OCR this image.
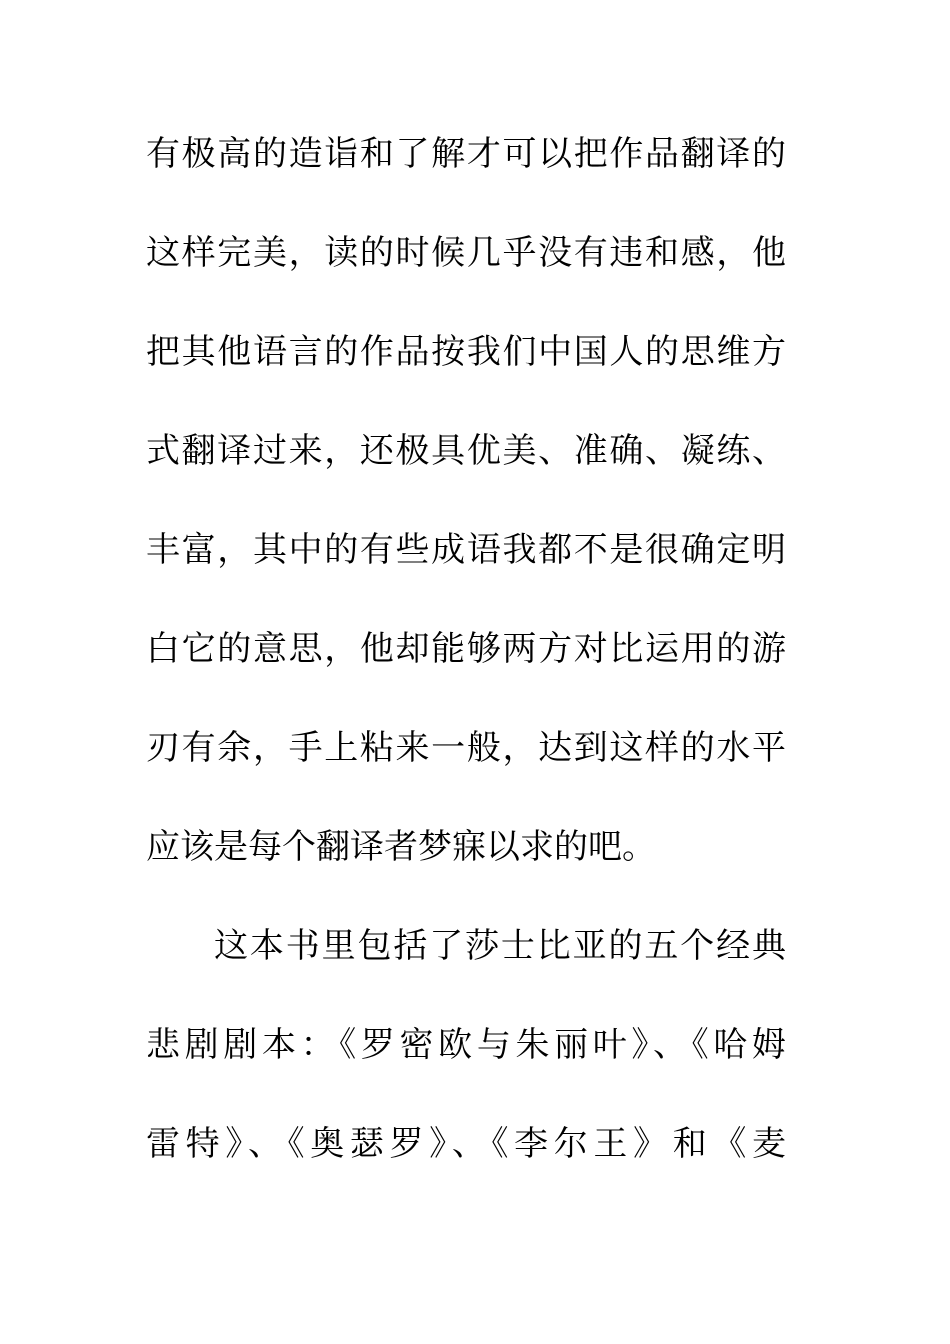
有极高的造诣和了解才可以把作品翻译的
这样完美，读的时候几乎没有违和感，他
把其他语言的作品按我们中国人的思维方
式翻译过来，还极具优美、准确、凝练、
丰富，其中的有些成语我都不是很确定明
白它的意思，他却能够两方对比运用的游
刃有余，手上粘来一般，达到这样的水平
应该是每个翻译者梦寐以求的吧。
这本书里包括了莎士比亚的五个经典
悲剧剧本：《罗密欧与朱丽叶》、《哈姆
雷特》、《奥瑟罗》、《李尔王》和《麦
